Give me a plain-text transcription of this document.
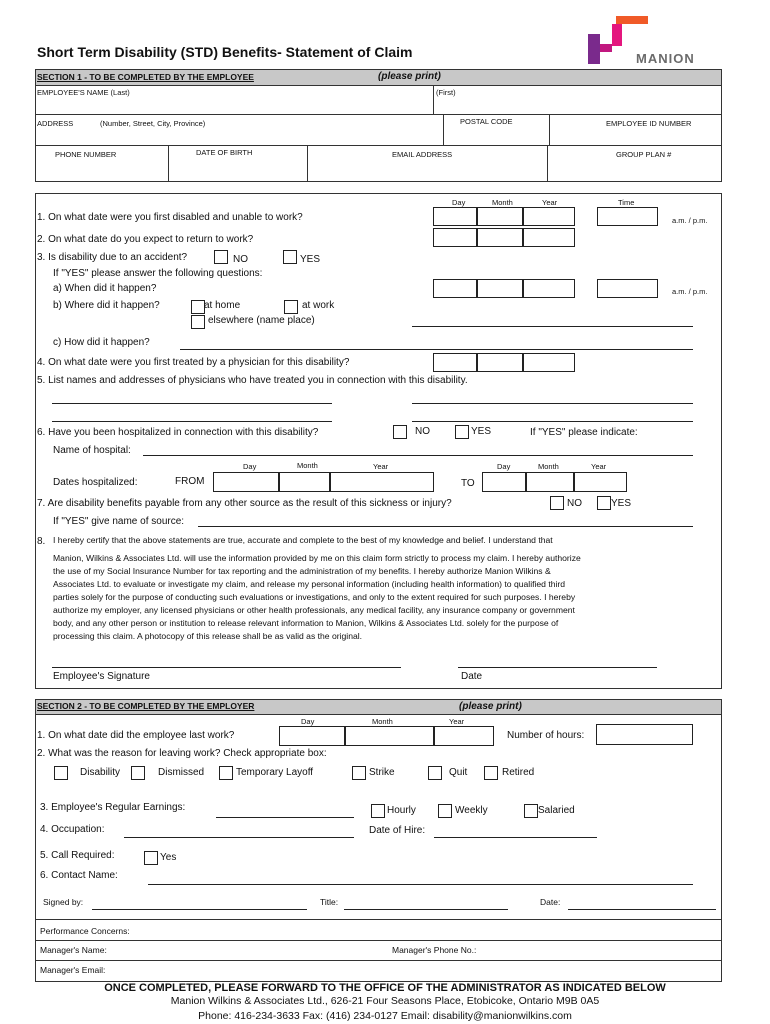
Short Term Disability (STD) Benefits- Statement of Claim	MANION
SECTION 1 - TO BE COMPLETED BY THE EMPLOYEE	(please print)
EMPLOYEE'S NAME (Last)	(First)
ADDRESS	(Number, Street, City, Province)	POSTAL CODE	EMPLOYEE ID NUMBER
PHONE NUMBER	DATE OF BIRTH	EMAIL ADDRESS	GROUP PLAN #
Day	Month	Year	Time
1. On what date were you first disabled and unable to work?	a.m. / p.m.
2. On what date do you expect to return to work?
3. Is disability due to an accident?	NO	YES
If "YES" please answer the following questions:
a) When did it happen?	a.m. / p.m.
b) Where did it happen?	at home	at work
elsewhere (name place)
c) How did it happen?
4. On what date were you first treated by a physician for this disability?
5. List names and addresses of physicians who have treated you in connection with this disability.
6. Have you been hospitalized in connection with this disability?	NO	YES	If "YES" please indicate:
Name of hospital:
Day	Month	Year	Day	Month	Year
Dates hospitalized:	FROM	TO
7. Are disability benefits payable from any other source as the result of this sickness or injury?	NO	YES
If "YES" give name of source:
8. I hereby certify that the above statements are true, accurate and complete to the best of my knowledge and belief. I understand that

Manion, Wilkins & Associates Ltd. will use the information provided by me on this claim form strictly to process my claim. I hereby authorize

the use of my Social Insurance Number for tax reporting and the administration of my benefits. I hereby authorize Manion Wilkins &

Associates Ltd. to evaluate or investigate my claim, and release my personal information (including health information) to qualified third

parties solely for the purpose of conducting such evaluations or investigations, and only to the extent required for such purposes. I hereby

authorize my employer, any licensed physicians or other health professionals, any medical facility, any insurance company or government

body, and any other person or institution to release relevant information to Manion, Wilkins & Associates Ltd. solely for the purpose of

processing this claim. A photocopy of this release shall be as valid as the original.

Employee's Signature	Date
SECTION 2 - TO BE COMPLETED BY THE EMPLOYER	(please print)
Day	Month	Year
1. On what date did the employee last work?	Number of hours:
2. What was the reason for leaving work? Check appropriate box:
Disability	Dismissed	Temporary Layoff	Strike	Quit	Retired
3. Employee's Regular Earnings:	Hourly	Weekly	Salaried
4. Occupation:	Date of Hire:
5. Call Required:	Yes
6. Contact Name:
Signed by:	Title:	Date:
Performance Concerns:
Manager's Name:	Manager's Phone No.:
Manager's Email:
ONCE COMPLETED, PLEASE FORWARD TO THE OFFICE OF THE ADMINISTRATOR AS INDICATED BELOW
Manion Wilkins & Associates Ltd., 626-21 Four Seasons Place, Etobicoke, Ontario M9B 0A5
Phone: 416-234-3633 Fax: (416) 234-0127 Email: disability@manionwilkins.com
